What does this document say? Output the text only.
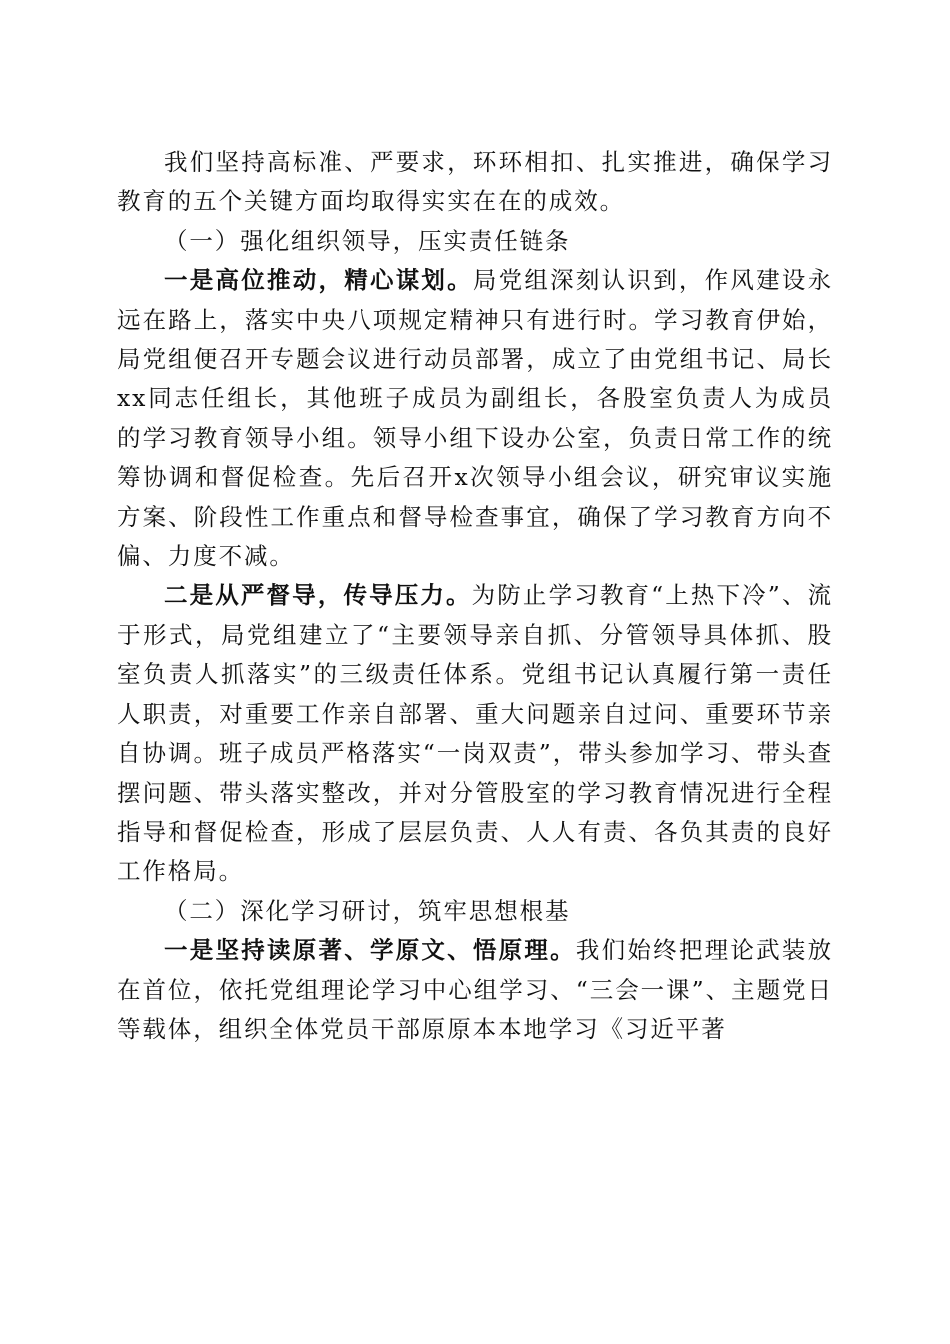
我们坚持高标准、严要求，环环相扣、扎实推进，确保学习教育的五个关键方面均取得实实在在的成效。

（一）强化组织领导，压实责任链条

一是高位推动，精心谋划。局党组深刻认识到，作风建设永远在路上，落实中央八项规定精神只有进行时。学习教育伊始，局党组便召开专题会议进行动员部署，成立了由党组书记、局长xx同志任组长，其他班子成员为副组长，各股室负责人为成员的学习教育领导小组。领导小组下设办公室，负责日常工作的统筹协调和督促检查。先后召开x次领导小组会议，研究审议实施方案、阶段性工作重点和督导检查事宜，确保了学习教育方向不偏、力度不减。

二是从严督导，传导压力。为防止学习教育“上热下冷”、流于形式，局党组建立了“主要领导亲自抓、分管领导具体抓、股室负责人抓落实”的三级责任体系。党组书记认真履行第一责任人职责，对重要工作亲自部署、重大问题亲自过问、重要环节亲自协调。班子成员严格落实“一岗双责”，带头参加学习、带头查摆问题、带头落实整改，并对分管股室的学习教育情况进行全程指导和督促检查，形成了层层负责、人人有责、各负其责的良好工作格局。

（二）深化学习研讨，筑牢思想根基

一是坚持读原著、学原文、悟原理。我们始终把理论武装放在首位，依托党组理论学习中心组学习、“三会一课”、主题党日等载体，组织全体党员干部原原本本地学习《习近平著
